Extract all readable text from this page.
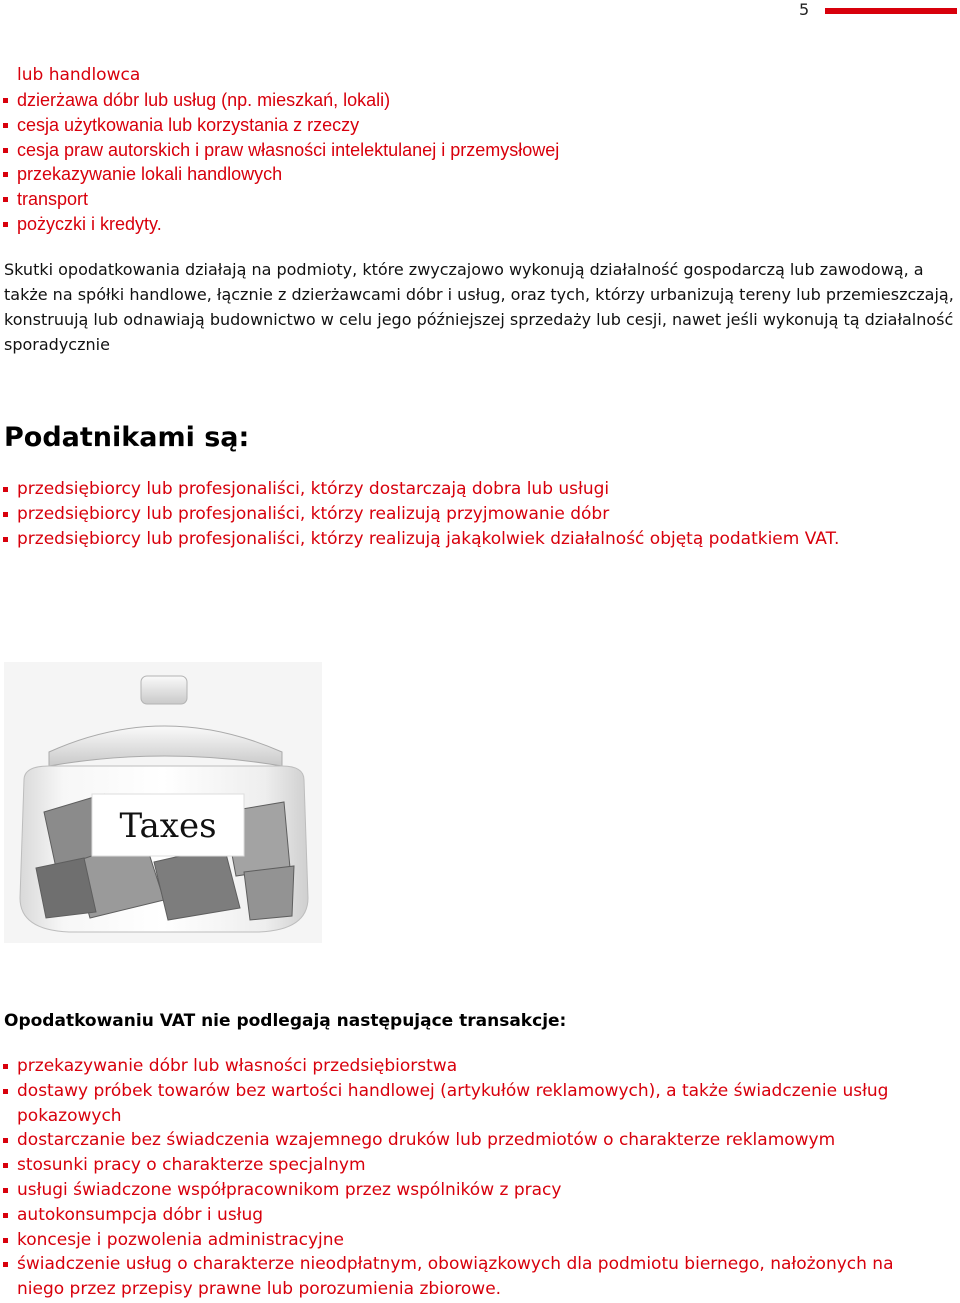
5
lub handlowca
dzierżawa dóbr lub usług (np. mieszkań, lokali)
cesja użytkowania lub korzystania z rzeczy
cesja praw autorskich i praw własności intelektulanej i przemysłowej
przekazywanie lokali handlowych
transport
pożyczki i kredyty.

Skutki opodatkowania działają na podmioty, które zwyczajowo wykonują działalność gospodarczą lub zawodową, a także na spółki handlowe, łącznie z dzierżawcami dóbr i usług, oraz tych, którzy urbanizują tereny lub przemieszczają, konstruują lub odnawiają budownictwo w celu jego późniejszej sprzedaży lub cesji, nawet jeśli wykonują tą działalność sporadycznie

Podatnikami są:
przedsiębiorcy lub profesjonaliści, którzy dostarczają dobra lub usługi
przedsiębiorcy lub profesjonaliści, którzy realizują przyjmowanie dóbr
przedsiębiorcy lub profesjonaliści, którzy realizują jakąkolwiek działalność objętą podatkiem VAT.
Taxes
Opodatkowaniu VAT nie podlegają następujące transakcje:
przekazywanie dóbr lub własności przedsiębiorstwa
dostawy próbek towarów bez wartości handlowej (artykułów reklamowych), a także świadczenie usług pokazowych
dostarczanie bez świadczenia wzajemnego druków lub przedmiotów o charakterze reklamowym
stosunki pracy o charakterze specjalnym
usługi świadczone współpracownikom przez wspólników z pracy
autokonsumpcja dóbr i usług
koncesje i pozwolenia administracyjne
świadczenie usług o charakterze nieodpłatnym, obowiązkowych dla podmiotu biernego, nałożonych na niego przez przepisy prawne lub porozumienia zbiorowe.
